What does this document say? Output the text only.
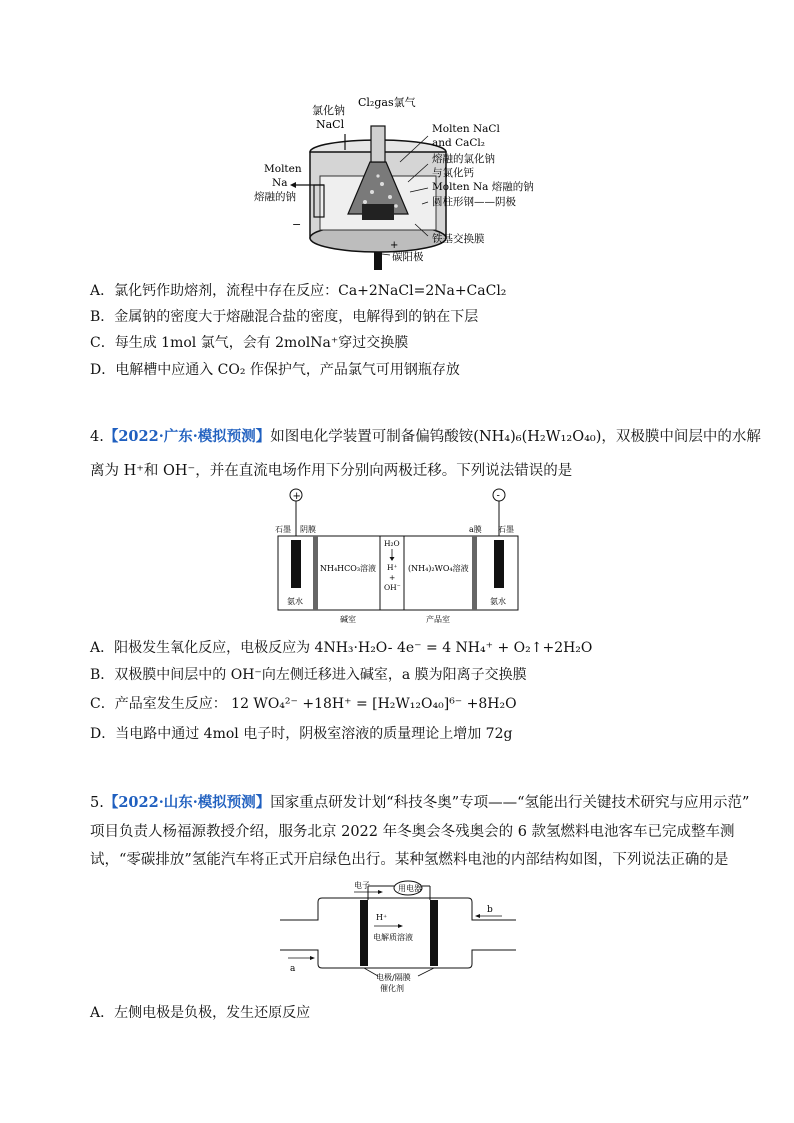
氯化钠
NaCl
Cl₂gas氯气
Molten NaCl
and CaCl₂
熔融的氯化钠
与氯化钙
Molten Na 熔融的钠
圆柱形钢——阴极
铁基交换膜
碳阳极
Molten
Na
熔融的钠
−
+
A．氯化钙作助熔剂，流程中存在反应：Ca+2NaCl=2Na+CaCl₂
B．金属钠的密度大于熔融混合盐的密度，电解得到的钠在下层
C．每生成 1mol 氯气，会有 2molNa⁺穿过交换膜
D．电解槽中应通入 CO₂ 作保护气，产品氯气可用钢瓶存放
4.【2022·广东·模拟预测】如图电化学装置可制备偏钨酸铵(NH₄)₆(H₂W₁₂O₄₀)，双极膜中间层中的水解
离为 H⁺和 OH⁻，并在直流电场作用下分别向两极迁移。下列说法错误的是
+	-
石墨 阴膜	a膜 石墨
NH₄HCO₃溶液
H₂O
H⁺
+
OH⁻
(NH₄)₂WO₄溶液
氨水	氨水
碱室	产品室
A．阳极发生氧化反应，电极反应为 4NH₃·H₂O- 4e⁻ = 4 NH₄⁺ + O₂↑+2H₂O
B．双极膜中间层中的 OH⁻向左侧迁移进入碱室，a 膜为阳离子交换膜
C．产品室发生反应： 12 WO₄²⁻ +18H⁺ = [H₂W₁₂O₄₀]⁶⁻ +8H₂O
D．当电路中通过 4mol 电子时，阴极室溶液的质量理论上增加 72g
5.【2022·山东·模拟预测】国家重点研发计划“科技冬奥”专项——“氢能出行关键技术研究与应用示范”
项目负责人杨福源教授介绍，服务北京 2022 年冬奥会冬残奥会的 6 款氢燃料电池客车已完成整车测
试，“零碳排放”氢能汽车将正式开启绿色出行。某种氢燃料电池的内部结构如图，下列说法正确的是
电子	用电器
H⁺
电解质溶液
b
a
电极/隔膜
催化剂
A．左侧电极是负极，发生还原反应
